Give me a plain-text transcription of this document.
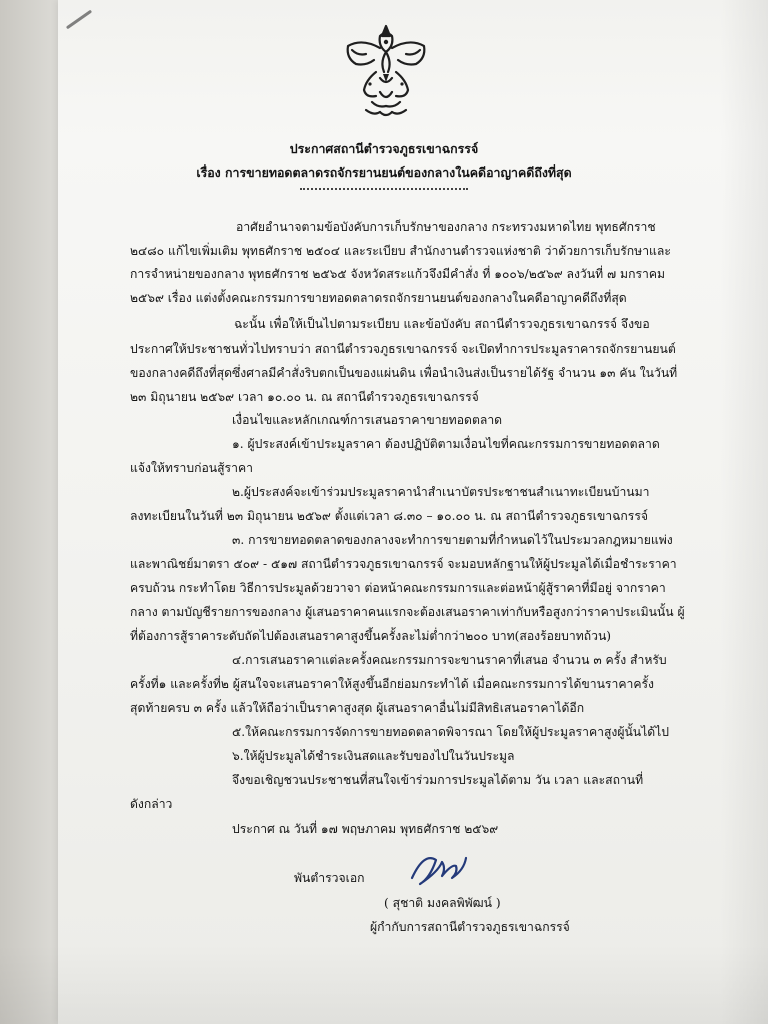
ประกาศสถานีตำรวจภูธรเขาฉกรรจ์
เรื่อง การขายทอดตลาดรถจักรยานยนต์ของกลางในคดีอาญาคดีถึงที่สุด
อาศัยอำนาจตามข้อบังคับการเก็บรักษาของกลาง กระทรวงมหาดไทย พุทธศักราช
๒๔๘๐ แก้ไขเพิ่มเติม พุทธศักราช ๒๕๐๔ และระเบียบ สำนักงานตำรวจแห่งชาติ ว่าด้วยการเก็บรักษาและ
การจำหน่ายของกลาง พุทธศักราช ๒๕๖๕ จังหวัดสระแก้วจึงมีคำสั่ง ที่ ๑๐๐๖/๒๕๖๙ ลงวันที่ ๗ มกราคม
๒๕๖๙ เรื่อง แต่งตั้งคณะกรรมการขายทอดตลาดรถจักรยานยนต์ของกลางในคดีอาญาคดีถึงที่สุด
ฉะนั้น เพื่อให้เป็นไปตามระเบียบ และข้อบังคับ สถานีตำรวจภูธรเขาฉกรรจ์ จึงขอ
ประกาศให้ประชาชนทั่วไปทราบว่า สถานีตำรวจภูธรเขาฉกรรจ์ จะเปิดทำการประมูลราคารถจักรยานยนต์
ของกลางคดีถึงที่สุดซึ่งศาลมีคำสั่งริบตกเป็นของแผ่นดิน เพื่อนำเงินส่งเป็นรายได้รัฐ จำนวน ๑๓ คัน ในวันที่
๒๓ มิถุนายน ๒๕๖๙ เวลา ๑๐.๐๐ น. ณ สถานีตำรวจภูธรเขาฉกรรจ์
เงื่อนไขและหลักเกณฑ์การเสนอราคาขายทอดตลาด
๑. ผู้ประสงค์เข้าประมูลราคา ต้องปฏิบัติตามเงื่อนไขที่คณะกรรมการขายทอดตลาด
แจ้งให้ทราบก่อนสู้ราคา
๒.ผู้ประสงค์จะเข้าร่วมประมูลราคานำสำเนาบัตรประชาชนสำเนาทะเบียนบ้านมา
ลงทะเบียนในวันที่ ๒๓ มิถุนายน ๒๕๖๙ ตั้งแต่เวลา ๘.๓๐ – ๑๐.๐๐ น. ณ สถานีตำรวจภูธรเขาฉกรรจ์
๓. การขายทอดตลาดของกลางจะทำการขายตามที่กำหนดไว้ในประมวลกฎหมายแพ่ง
และพาณิชย์มาตรา ๕๐๙ - ๕๑๗ สถานีตำรวจภูธรเขาฉกรรจ์ จะมอบหลักฐานให้ผู้ประมูลได้เมื่อชำระราคา
ครบถ้วน กระทำโดย วิธีการประมูลด้วยวาจา ต่อหน้าคณะกรรมการและต่อหน้าผู้สู้ราคาที่มีอยู่ จากราคา
กลาง ตามบัญชีรายการของกลาง ผู้เสนอราคาคนแรกจะต้องเสนอราคาเท่ากับหรือสูงกว่าราคาประเมินนั้น ผู้
ที่ต้องการสู้ราคาระดับถัดไปต้องเสนอราคาสูงขึ้นครั้งละไม่ต่ำกว่า๒๐๐ บาท(สองร้อยบาทถ้วน)
๔.การเสนอราคาแต่ละครั้งคณะกรรมการจะขานราคาที่เสนอ จำนวน ๓ ครั้ง สำหรับ
ครั้งที่๑ และครั้งที่๒ ผู้สนใจจะเสนอราคาให้สูงขึ้นอีกย่อมกระทำได้ เมื่อคณะกรรมการได้ขานราคาครั้ง
สุดท้ายครบ ๓ ครั้ง แล้วให้ถือว่าเป็นราคาสูงสุด ผู้เสนอราคาอื่นไม่มีสิทธิเสนอราคาได้อีก
๕.ให้คณะกรรมการจัดการขายทอดตลาดพิจารณา โดยให้ผู้ประมูลราคาสูงผู้นั้นได้ไป
๖.ให้ผู้ประมูลได้ชำระเงินสดและรับของไปในวันประมูล
จึงขอเชิญชวนประชาชนที่สนใจเข้าร่วมการประมูลได้ตาม วัน เวลา และสถานที่
ดังกล่าว
ประกาศ ณ วันที่ ๑๗ พฤษภาคม พุทธศักราช ๒๕๖๙
พันตำรวจเอก
( สุชาติ มงคลพิพัฒน์ )
ผู้กำกับการสถานีตำรวจภูธรเขาฉกรรจ์
